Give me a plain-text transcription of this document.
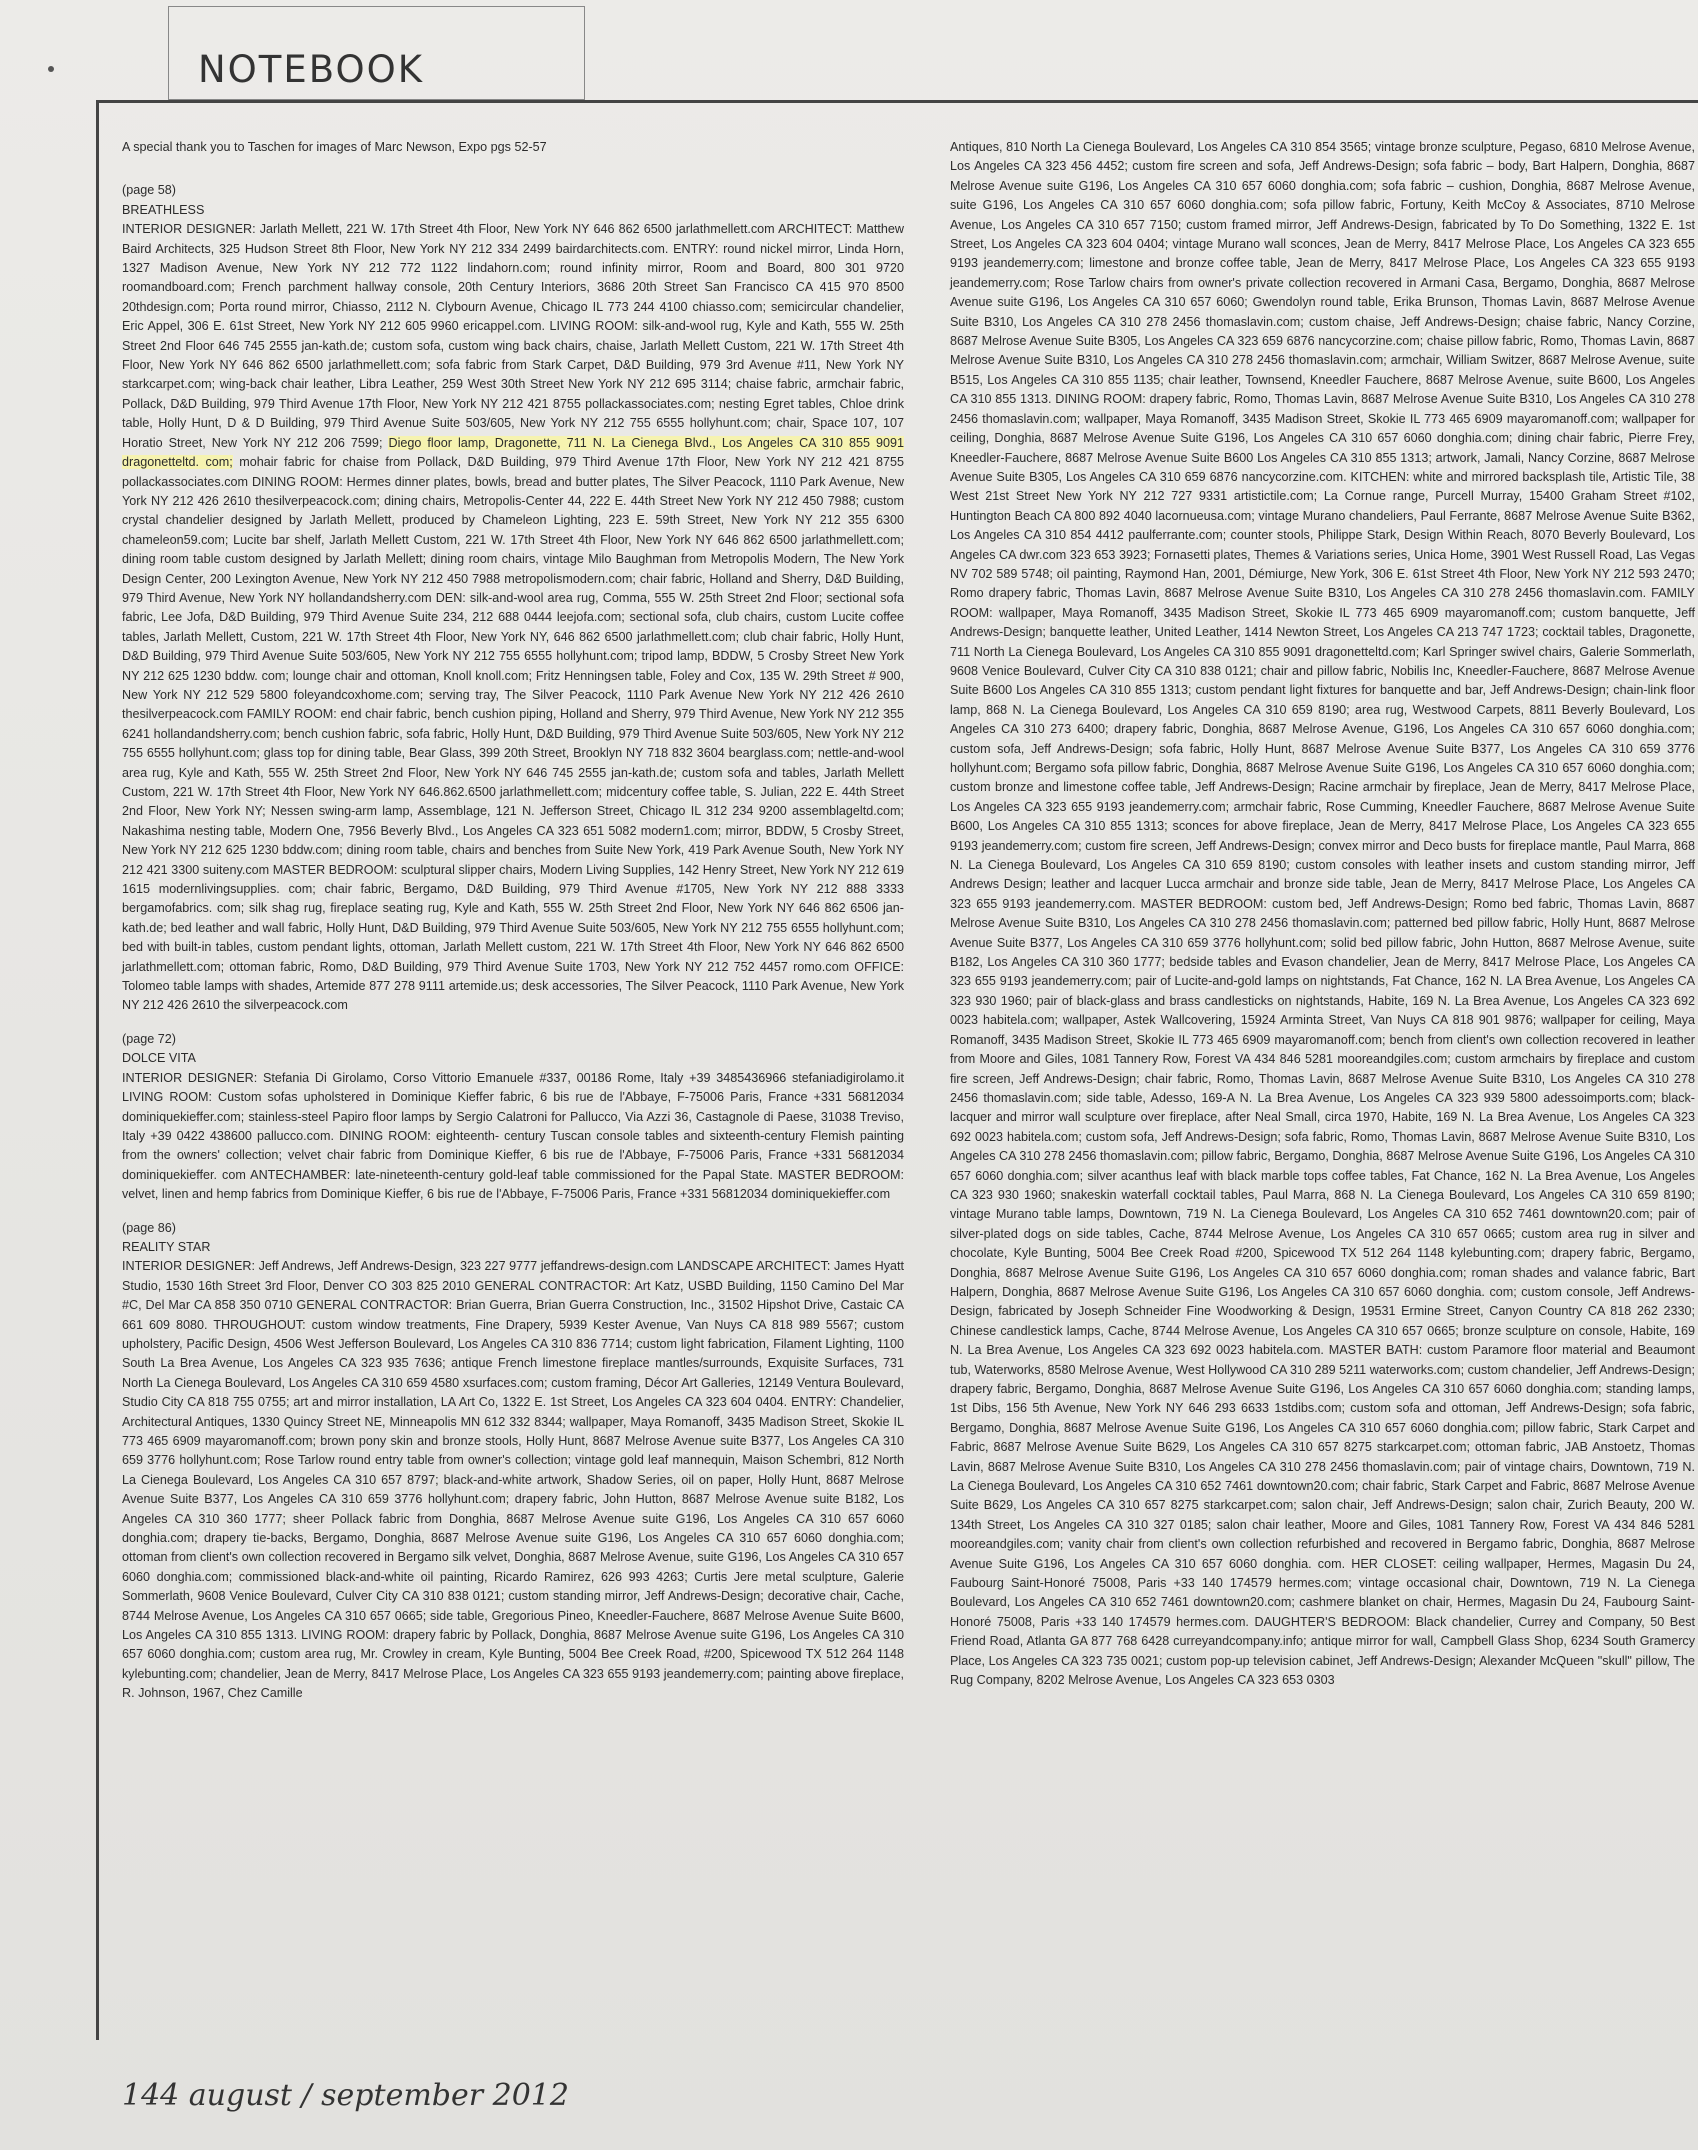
NOTEBOOK

A special thank you to Taschen for images of Marc Newson, Expo pgs 52-57

(page 58)
BREATHLESS
INTERIOR DESIGNER: Jarlath Mellett, 221 W. 17th Street 4th Floor, New York NY 646 862 6500 jarlathmellett.com ARCHITECT: Matthew Baird Architects, 325 Hudson Street 8th Floor, New York NY 212 334 2499 bairdarchitects.com. ENTRY: round nickel mirror, Linda Horn, 1327 Madison Avenue, New York NY 212 772 1122 lindahorn.com; round infinity mirror, Room and Board, 800 301 9720 roomandboard.com; French parchment hallway console, 20th Century Interiors, 3686 20th Street San Francisco CA 415 970 8500 20thdesign.com; Porta round mirror, Chiasso, 2112 N. Clybourn Avenue, Chicago IL 773 244 4100 chiasso.com; semicircular chandelier, Eric Appel, 306 E. 61st Street, New York NY 212 605 9960 ericappel.com. LIVING ROOM: silk-and-wool rug, Kyle and Kath, 555 W. 25th Street 2nd Floor 646 745 2555 jan-kath.de; custom sofa, custom wing back chairs, chaise, Jarlath Mellett Custom, 221 W. 17th Street 4th Floor, New York NY 646 862 6500 jarlathmellett.com; sofa fabric from Stark Carpet, D&D Building, 979 3rd Avenue #11, New York NY starkcarpet.com; wing-back chair leather, Libra Leather, 259 West 30th Street New York NY 212 695 3114; chaise fabric, armchair fabric, Pollack, D&D Building, 979 Third Avenue 17th Floor, New York NY 212 421 8755 pollackassociates.com; nesting Egret tables, Chloe drink table, Holly Hunt, D & D Building, 979 Third Avenue Suite 503/605, New York NY 212 755 6555 hollyhunt.com; chair, Space 107, 107 Horatio Street, New York NY 212 206 7599; Diego floor lamp, Dragonette, 711 N. La Cienega Blvd., Los Angeles CA 310 855 9091 dragonetteltd. com; mohair fabric for chaise from Pollack, D&D Building, 979 Third Avenue 17th Floor, New York NY 212 421 8755 pollackassociates.com DINING ROOM: Hermes dinner plates, bowls, bread and butter plates, The Silver Peacock, 1110 Park Avenue, New York NY 212 426 2610 thesilverpeacock.com; dining chairs, Metropolis-Center 44, 222 E. 44th Street New York NY 212 450 7988; custom crystal chandelier designed by Jarlath Mellett, produced by Chameleon Lighting, 223 E. 59th Street, New York NY 212 355 6300 chameleon59.com; Lucite bar shelf, Jarlath Mellett Custom, 221 W. 17th Street 4th Floor, New York NY 646 862 6500 jarlathmellett.com; dining room table custom designed by Jarlath Mellett; dining room chairs, vintage Milo Baughman from Metropolis Modern, The New York Design Center, 200 Lexington Avenue, New York NY 212 450 7988 metropolismodern.com; chair fabric, Holland and Sherry, D&D Building, 979 Third Avenue, New York NY hollandandsherry.com DEN: silk-and-wool area rug, Comma, 555 W. 25th Street 2nd Floor; sectional sofa fabric, Lee Jofa, D&D Building, 979 Third Avenue Suite 234, 212 688 0444 leejofa.com; sectional sofa, club chairs, custom Lucite coffee tables, Jarlath Mellett, Custom, 221 W. 17th Street 4th Floor, New York NY, 646 862 6500 jarlathmellett.com; club chair fabric, Holly Hunt, D&D Building, 979 Third Avenue Suite 503/605, New York NY 212 755 6555 hollyhunt.com; tripod lamp, BDDW, 5 Crosby Street New York NY 212 625 1230 bddw. com; lounge chair and ottoman, Knoll knoll.com; Fritz Henningsen table, Foley and Cox, 135 W. 29th Street # 900, New York NY 212 529 5800 foleyandcoxhome.com; serving tray, The Silver Peacock, 1110 Park Avenue New York NY 212 426 2610 thesilverpeacock.com FAMILY ROOM: end chair fabric, bench cushion piping, Holland and Sherry, 979 Third Avenue, New York NY 212 355 6241 hollandandsherry.com; bench cushion fabric, sofa fabric, Holly Hunt, D&D Building, 979 Third Avenue Suite 503/605, New York NY 212 755 6555 hollyhunt.com; glass top for dining table, Bear Glass, 399 20th Street, Brooklyn NY 718 832 3604 bearglass.com; nettle-and-wool area rug, Kyle and Kath, 555 W. 25th Street 2nd Floor, New York NY 646 745 2555 jan-kath.de; custom sofa and tables, Jarlath Mellett Custom, 221 W. 17th Street 4th Floor, New York NY 646.862.6500 jarlathmellett.com; midcentury coffee table, S. Julian, 222 E. 44th Street 2nd Floor, New York NY; Nessen swing-arm lamp, Assemblage, 121 N. Jefferson Street, Chicago IL 312 234 9200 assemblageltd.com; Nakashima nesting table, Modern One, 7956 Beverly Blvd., Los Angeles CA 323 651 5082 modern1.com; mirror, BDDW, 5 Crosby Street, New York NY 212 625 1230 bddw.com; dining room table, chairs and benches from Suite New York, 419 Park Avenue South, New York NY 212 421 3300 suiteny.com MASTER BEDROOM: sculptural slipper chairs, Modern Living Supplies, 142 Henry Street, New York NY 212 619 1615 modernlivingsupplies. com; chair fabric, Bergamo, D&D Building, 979 Third Avenue #1705, New York NY 212 888 3333 bergamofabrics. com; silk shag rug, fireplace seating rug, Kyle and Kath, 555 W. 25th Street 2nd Floor, New York NY 646 862 6506 jan-kath.de; bed leather and wall fabric, Holly Hunt, D&D Building, 979 Third Avenue Suite 503/605, New York NY 212 755 6555 hollyhunt.com; bed with built-in tables, custom pendant lights, ottoman, Jarlath Mellett custom, 221 W. 17th Street 4th Floor, New York NY 646 862 6500 jarlathmellett.com; ottoman fabric, Romo, D&D Building, 979 Third Avenue Suite 1703, New York NY 212 752 4457 romo.com OFFICE: Tolomeo table lamps with shades, Artemide 877 278 9111 artemide.us; desk accessories, The Silver Peacock, 1110 Park Avenue, New York NY 212 426 2610 the silverpeacock.com
(page 72)
DOLCE VITA
INTERIOR DESIGNER: Stefania Di Girolamo, Corso Vittorio Emanuele #337, 00186 Rome, Italy +39 3485436966 stefaniadigirolamo.it LIVING ROOM: Custom sofas upholstered in Dominique Kieffer fabric, 6 bis rue de l'Abbaye, F-75006 Paris, France +331 56812034 dominiquekieffer.com; stainless-steel Papiro floor lamps by Sergio Calatroni for Pallucco, Via Azzi 36, Castagnole di Paese, 31038 Treviso, Italy +39 0422 438600 pallucco.com. DINING ROOM: eighteenth- century Tuscan console tables and sixteenth-century Flemish painting from the owners' collection; velvet chair fabric from Dominique Kieffer, 6 bis rue de l'Abbaye, F-75006 Paris, France +331 56812034 dominiquekieffer. com ANTECHAMBER: late-nineteenth-century gold-leaf table commissioned for the Papal State. MASTER BEDROOM: velvet, linen and hemp fabrics from Dominique Kieffer, 6 bis rue de l'Abbaye, F-75006 Paris, France +331 56812034 dominiquekieffer.com
(page 86)
REALITY STAR
INTERIOR DESIGNER: Jeff Andrews, Jeff Andrews-Design, 323 227 9777 jeffandrews-design.com LANDSCAPE ARCHITECT: James Hyatt Studio, 1530 16th Street 3rd Floor, Denver CO 303 825 2010 GENERAL CONTRACTOR: Art Katz, USBD Building, 1150 Camino Del Mar #C, Del Mar CA 858 350 0710 GENERAL CONTRACTOR: Brian Guerra, Brian Guerra Construction, Inc., 31502 Hipshot Drive, Castaic CA 661 609 8080. THROUGHOUT: custom window treatments, Fine Drapery, 5939 Kester Avenue, Van Nuys CA 818 989 5567; custom upholstery, Pacific Design, 4506 West Jefferson Boulevard, Los Angeles CA 310 836 7714; custom light fabrication, Filament Lighting, 1100 South La Brea Avenue, Los Angeles CA 323 935 7636; antique French limestone fireplace mantles/surrounds, Exquisite Surfaces, 731 North La Cienega Boulevard, Los Angeles CA 310 659 4580 xsurfaces.com; custom framing, Décor Art Galleries, 12149 Ventura Boulevard, Studio City CA 818 755 0755; art and mirror installation, LA Art Co, 1322 E. 1st Street, Los Angeles CA 323 604 0404. ENTRY: Chandelier, Architectural Antiques, 1330 Quincy Street NE, Minneapolis MN 612 332 8344; wallpaper, Maya Romanoff, 3435 Madison Street, Skokie IL 773 465 6909 mayaromanoff.com; brown pony skin and bronze stools, Holly Hunt, 8687 Melrose Avenue suite B377, Los Angeles CA 310 659 3776 hollyhunt.com; Rose Tarlow round entry table from owner's collection; vintage gold leaf mannequin, Maison Schembri, 812 North La Cienega Boulevard, Los Angeles CA 310 657 8797; black-and-white artwork, Shadow Series, oil on paper, Holly Hunt, 8687 Melrose Avenue Suite B377, Los Angeles CA 310 659 3776 hollyhunt.com; drapery fabric, John Hutton, 8687 Melrose Avenue suite B182, Los Angeles CA 310 360 1777; sheer Pollack fabric from Donghia, 8687 Melrose Avenue suite G196, Los Angeles CA 310 657 6060 donghia.com; drapery tie-backs, Bergamo, Donghia, 8687 Melrose Avenue suite G196, Los Angeles CA 310 657 6060 donghia.com; ottoman from client's own collection recovered in Bergamo silk velvet, Donghia, 8687 Melrose Avenue, suite G196, Los Angeles CA 310 657 6060 donghia.com; commissioned black-and-white oil painting, Ricardo Ramirez, 626 993 4263; Curtis Jere metal sculpture, Galerie Sommerlath, 9608 Venice Boulevard, Culver City CA 310 838 0121; custom standing mirror, Jeff Andrews-Design; decorative chair, Cache, 8744 Melrose Avenue, Los Angeles CA 310 657 0665; side table, Gregorious Pineo, Kneedler-Fauchere, 8687 Melrose Avenue Suite B600, Los Angeles CA 310 855 1313. LIVING ROOM: drapery fabric by Pollack, Donghia, 8687 Melrose Avenue suite G196, Los Angeles CA 310 657 6060 donghia.com; custom area rug, Mr. Crowley in cream, Kyle Bunting, 5004 Bee Creek Road, #200, Spicewood TX 512 264 1148 kylebunting.com; chandelier, Jean de Merry, 8417 Melrose Place, Los Angeles CA 323 655 9193 jeandemerry.com; painting above fireplace, R. Johnson, 1967, Chez Camille
Antiques, 810 North La Cienega Boulevard, Los Angeles CA 310 854 3565; vintage bronze sculpture, Pegaso, 6810 Melrose Avenue, Los Angeles CA 323 456 4452; custom fire screen and sofa, Jeff Andrews-Design; sofa fabric – body, Bart Halpern, Donghia, 8687 Melrose Avenue suite G196, Los Angeles CA 310 657 6060 donghia.com; sofa fabric – cushion, Donghia, 8687 Melrose Avenue, suite G196, Los Angeles CA 310 657 6060 donghia.com; sofa pillow fabric, Fortuny, Keith McCoy & Associates, 8710 Melrose Avenue, Los Angeles CA 310 657 7150; custom framed mirror, Jeff Andrews-Design, fabricated by To Do Something, 1322 E. 1st Street, Los Angeles CA 323 604 0404; vintage Murano wall sconces, Jean de Merry, 8417 Melrose Place, Los Angeles CA 323 655 9193 jeandemerry.com; limestone and bronze coffee table, Jean de Merry, 8417 Melrose Place, Los Angeles CA 323 655 9193 jeandemerry.com; Rose Tarlow chairs from owner's private collection recovered in Armani Casa, Bergamo, Donghia, 8687 Melrose Avenue suite G196, Los Angeles CA 310 657 6060; Gwendolyn round table, Erika Brunson, Thomas Lavin, 8687 Melrose Avenue Suite B310, Los Angeles CA 310 278 2456 thomaslavin.com; custom chaise, Jeff Andrews-Design; chaise fabric, Nancy Corzine, 8687 Melrose Avenue Suite B305, Los Angeles CA 323 659 6876 nancycorzine.com; chaise pillow fabric, Romo, Thomas Lavin, 8687 Melrose Avenue Suite B310, Los Angeles CA 310 278 2456 thomaslavin.com; armchair, William Switzer, 8687 Melrose Avenue, suite B515, Los Angeles CA 310 855 1135; chair leather, Townsend, Kneedler Fauchere, 8687 Melrose Avenue, suite B600, Los Angeles CA 310 855 1313. DINING ROOM: drapery fabric, Romo, Thomas Lavin, 8687 Melrose Avenue Suite B310, Los Angeles CA 310 278 2456 thomaslavin.com; wallpaper, Maya Romanoff, 3435 Madison Street, Skokie IL 773 465 6909 mayaromanoff.com; wallpaper for ceiling, Donghia, 8687 Melrose Avenue Suite G196, Los Angeles CA 310 657 6060 donghia.com; dining chair fabric, Pierre Frey, Kneedler-Fauchere, 8687 Melrose Avenue Suite B600 Los Angeles CA 310 855 1313; artwork, Jamali, Nancy Corzine, 8687 Melrose Avenue Suite B305, Los Angeles CA 310 659 6876 nancycorzine.com. KITCHEN: white and mirrored backsplash tile, Artistic Tile, 38 West 21st Street New York NY 212 727 9331 artistictile.com; La Cornue range, Purcell Murray, 15400 Graham Street #102, Huntington Beach CA 800 892 4040 lacornueusa.com; vintage Murano chandeliers, Paul Ferrante, 8687 Melrose Avenue Suite B362, Los Angeles CA 310 854 4412 paulferrante.com; counter stools, Philippe Stark, Design Within Reach, 8070 Beverly Boulevard, Los Angeles CA dwr.com 323 653 3923; Fornasetti plates, Themes & Variations series, Unica Home, 3901 West Russell Road, Las Vegas NV 702 589 5748; oil painting, Raymond Han, 2001, Démiurge, New York, 306 E. 61st Street 4th Floor, New York NY 212 593 2470; Romo drapery fabric, Thomas Lavin, 8687 Melrose Avenue Suite B310, Los Angeles CA 310 278 2456 thomaslavin.com. FAMILY ROOM: wallpaper, Maya Romanoff, 3435 Madison Street, Skokie IL 773 465 6909 mayaromanoff.com; custom banquette, Jeff Andrews-Design; banquette leather, United Leather, 1414 Newton Street, Los Angeles CA 213 747 1723; cocktail tables, Dragonette, 711 North La Cienega Boulevard, Los Angeles CA 310 855 9091 dragonetteltd.com; Karl Springer swivel chairs, Galerie Sommerlath, 9608 Venice Boulevard, Culver City CA 310 838 0121; chair and pillow fabric, Nobilis Inc, Kneedler-Fauchere, 8687 Melrose Avenue Suite B600 Los Angeles CA 310 855 1313; custom pendant light fixtures for banquette and bar, Jeff Andrews-Design; chain-link floor lamp, 868 N. La Cienega Boulevard, Los Angeles CA 310 659 8190; area rug, Westwood Carpets, 8811 Beverly Boulevard, Los Angeles CA 310 273 6400; drapery fabric, Donghia, 8687 Melrose Avenue, G196, Los Angeles CA 310 657 6060 donghia.com; custom sofa, Jeff Andrews-Design; sofa fabric, Holly Hunt, 8687 Melrose Avenue Suite B377, Los Angeles CA 310 659 3776 hollyhunt.com; Bergamo sofa pillow fabric, Donghia, 8687 Melrose Avenue Suite G196, Los Angeles CA 310 657 6060 donghia.com; custom bronze and limestone coffee table, Jeff Andrews-Design; Racine armchair by fireplace, Jean de Merry, 8417 Melrose Place, Los Angeles CA 323 655 9193 jeandemerry.com; armchair fabric, Rose Cumming, Kneedler Fauchere, 8687 Melrose Avenue Suite B600, Los Angeles CA 310 855 1313; sconces for above fireplace, Jean de Merry, 8417 Melrose Place, Los Angeles CA 323 655 9193 jeandemerry.com; custom fire screen, Jeff Andrews-Design; convex mirror and Deco busts for fireplace mantle, Paul Marra, 868 N. La Cienega Boulevard, Los Angeles CA 310 659 8190; custom consoles with leather insets and custom standing mirror, Jeff Andrews Design; leather and lacquer Lucca armchair and bronze side table, Jean de Merry, 8417 Melrose Place, Los Angeles CA 323 655 9193 jeandemerry.com. MASTER BEDROOM: custom bed, Jeff Andrews-Design; Romo bed fabric, Thomas Lavin, 8687 Melrose Avenue Suite B310, Los Angeles CA 310 278 2456 thomaslavin.com; patterned bed pillow fabric, Holly Hunt, 8687 Melrose Avenue Suite B377, Los Angeles CA 310 659 3776 hollyhunt.com; solid bed pillow fabric, John Hutton, 8687 Melrose Avenue, suite B182, Los Angeles CA 310 360 1777; bedside tables and Evason chandelier, Jean de Merry, 8417 Melrose Place, Los Angeles CA 323 655 9193 jeandemerry.com; pair of Lucite-and-gold lamps on nightstands, Fat Chance, 162 N. LA Brea Avenue, Los Angeles CA 323 930 1960; pair of black-glass and brass candlesticks on nightstands, Habite, 169 N. La Brea Avenue, Los Angeles CA 323 692 0023 habitela.com; wallpaper, Astek Wallcovering, 15924 Arminta Street, Van Nuys CA 818 901 9876; wallpaper for ceiling, Maya Romanoff, 3435 Madison Street, Skokie IL 773 465 6909 mayaromanoff.com; bench from client's own collection recovered in leather from Moore and Giles, 1081 Tannery Row, Forest VA 434 846 5281 mooreandgiles.com; custom armchairs by fireplace and custom fire screen, Jeff Andrews-Design; chair fabric, Romo, Thomas Lavin, 8687 Melrose Avenue Suite B310, Los Angeles CA 310 278 2456 thomaslavin.com; side table, Adesso, 169-A N. La Brea Avenue, Los Angeles CA 323 939 5800 adessoimports.com; black-lacquer and mirror wall sculpture over fireplace, after Neal Small, circa 1970, Habite, 169 N. La Brea Avenue, Los Angeles CA 323 692 0023 habitela.com; custom sofa, Jeff Andrews-Design; sofa fabric, Romo, Thomas Lavin, 8687 Melrose Avenue Suite B310, Los Angeles CA 310 278 2456 thomaslavin.com; pillow fabric, Bergamo, Donghia, 8687 Melrose Avenue Suite G196, Los Angeles CA 310 657 6060 donghia.com; silver acanthus leaf with black marble tops coffee tables, Fat Chance, 162 N. La Brea Avenue, Los Angeles CA 323 930 1960; snakeskin waterfall cocktail tables, Paul Marra, 868 N. La Cienega Boulevard, Los Angeles CA 310 659 8190; vintage Murano table lamps, Downtown, 719 N. La Cienega Boulevard, Los Angeles CA 310 652 7461 downtown20.com; pair of silver-plated dogs on side tables, Cache, 8744 Melrose Avenue, Los Angeles CA 310 657 0665; custom area rug in silver and chocolate, Kyle Bunting, 5004 Bee Creek Road #200, Spicewood TX 512 264 1148 kylebunting.com; drapery fabric, Bergamo, Donghia, 8687 Melrose Avenue Suite G196, Los Angeles CA 310 657 6060 donghia.com; roman shades and valance fabric, Bart Halpern, Donghia, 8687 Melrose Avenue Suite G196, Los Angeles CA 310 657 6060 donghia. com; custom console, Jeff Andrews-Design, fabricated by Joseph Schneider Fine Woodworking & Design, 19531 Ermine Street, Canyon Country CA 818 262 2330; Chinese candlestick lamps, Cache, 8744 Melrose Avenue, Los Angeles CA 310 657 0665; bronze sculpture on console, Habite, 169 N. La Brea Avenue, Los Angeles CA 323 692 0023 habitela.com. MASTER BATH: custom Paramore floor material and Beaumont tub, Waterworks, 8580 Melrose Avenue, West Hollywood CA 310 289 5211 waterworks.com; custom chandelier, Jeff Andrews-Design; drapery fabric, Bergamo, Donghia, 8687 Melrose Avenue Suite G196, Los Angeles CA 310 657 6060 donghia.com; standing lamps, 1st Dibs, 156 5th Avenue, New York NY 646 293 6633 1stdibs.com; custom sofa and ottoman, Jeff Andrews-Design; sofa fabric, Bergamo, Donghia, 8687 Melrose Avenue Suite G196, Los Angeles CA 310 657 6060 donghia.com; pillow fabric, Stark Carpet and Fabric, 8687 Melrose Avenue Suite B629, Los Angeles CA 310 657 8275 starkcarpet.com; ottoman fabric, JAB Anstoetz, Thomas Lavin, 8687 Melrose Avenue Suite B310, Los Angeles CA 310 278 2456 thomaslavin.com; pair of vintage chairs, Downtown, 719 N. La Cienega Boulevard, Los Angeles CA 310 652 7461 downtown20.com; chair fabric, Stark Carpet and Fabric, 8687 Melrose Avenue Suite B629, Los Angeles CA 310 657 8275 starkcarpet.com; salon chair, Jeff Andrews-Design; salon chair, Zurich Beauty, 200 W. 134th Street, Los Angeles CA 310 327 0185; salon chair leather, Moore and Giles, 1081 Tannery Row, Forest VA 434 846 5281 mooreandgiles.com; vanity chair from client's own collection refurbished and recovered in Bergamo fabric, Donghia, 8687 Melrose Avenue Suite G196, Los Angeles CA 310 657 6060 donghia. com. HER CLOSET: ceiling wallpaper, Hermes, Magasin Du 24, Faubourg Saint-Honoré 75008, Paris +33 140 174579 hermes.com; vintage occasional chair, Downtown, 719 N. La Cienega Boulevard, Los Angeles CA 310 652 7461 downtown20.com; cashmere blanket on chair, Hermes, Magasin Du 24, Faubourg Saint-Honoré 75008, Paris +33 140 174579 hermes.com. DAUGHTER'S BEDROOM: Black chandelier, Currey and Company, 50 Best Friend Road, Atlanta GA 877 768 6428 curreyandcompany.info; antique mirror for wall, Campbell Glass Shop, 6234 South Gramercy Place, Los Angeles CA 323 735 0021; custom pop-up television cabinet, Jeff Andrews-Design; Alexander McQueen "skull" pillow, The Rug Company, 8202 Melrose Avenue, Los Angeles CA 323 653 0303
144 august / september 2012
